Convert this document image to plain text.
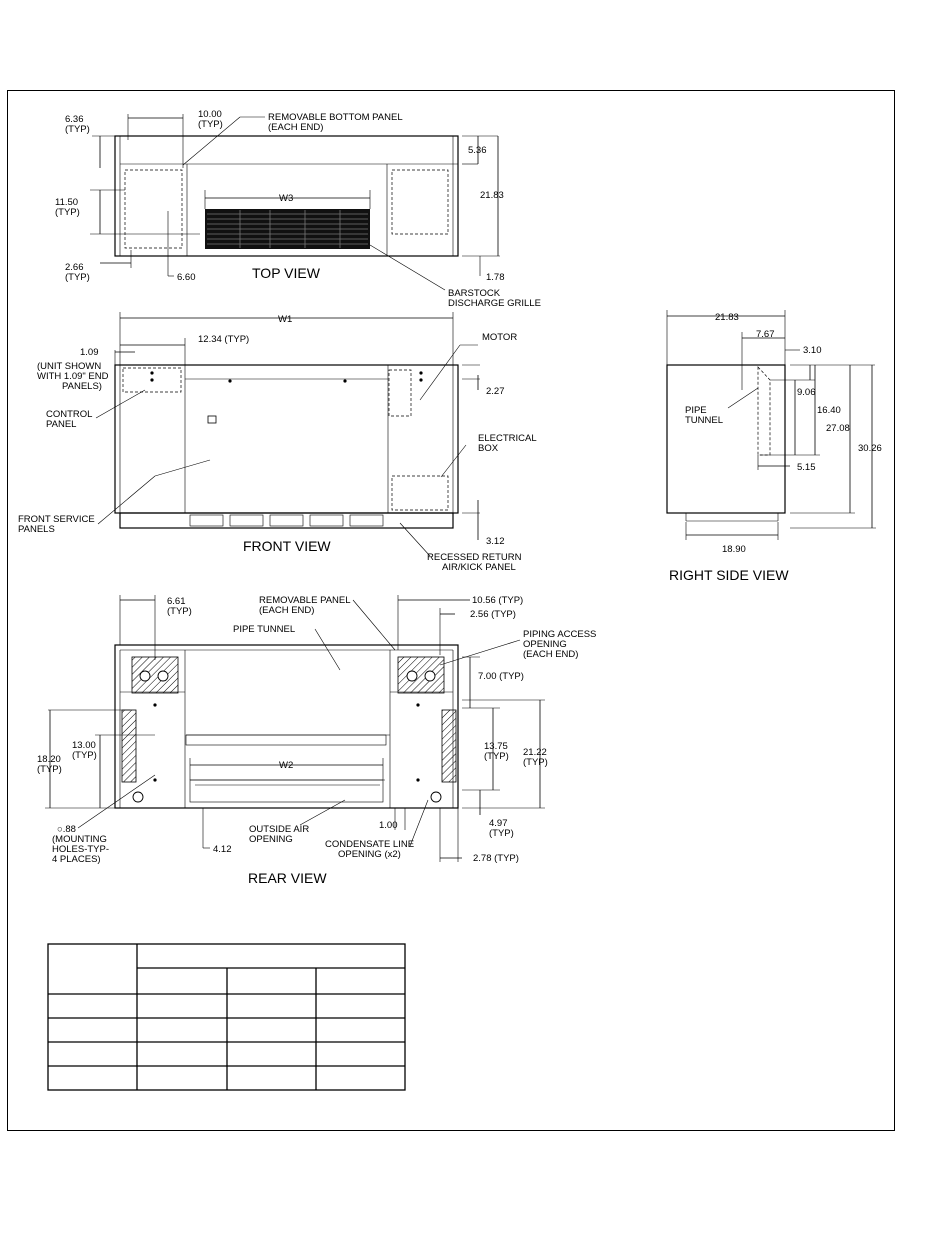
6.36
(TYP)
10.00
(TYP)
REMOVABLE BOTTOM PANEL
(EACH END)
5.36
21.83
W3
11.50
(TYP)
2.66
(TYP)	6.60	TOP VIEW	1.78
BARSTOCK
DISCHARGE GRILLE
W1
12.34 (TYP)
1.09
(UNIT SHOWN
WITH 1.09" END
PANELS)
MOTOR
2.27
CONTROL
PANEL
ELECTRICAL
BOX
FRONT SERVICE
PANELS
3.12
FRONT VIEW
RECESSED RETURN
AIR/KICK PANEL
21.83
7.67
3.10
9.06
16.40
PIPE
TUNNEL
27.08
30.26
5.15
18.90
RIGHT SIDE VIEW
6.61
(TYP)
REMOVABLE PANEL
(EACH END)
10.56 (TYP)
2.56 (TYP)
PIPE TUNNEL	PIPING ACCESS
OPENING
(EACH END)
7.00 (TYP)
13.00
(TYP)
13.75
(TYP) 21.22
(TYP)
18.20
(TYP)	W2
1.00	4.97
(TYP)
○.88
(MOUNTING
HOLES-TYP-
4 PLACES)
OUTSIDE AIR
OPENING	CONDENSATE LINE
OPENING (x2)
4.12
2.78 (TYP)
REAR VIEW
